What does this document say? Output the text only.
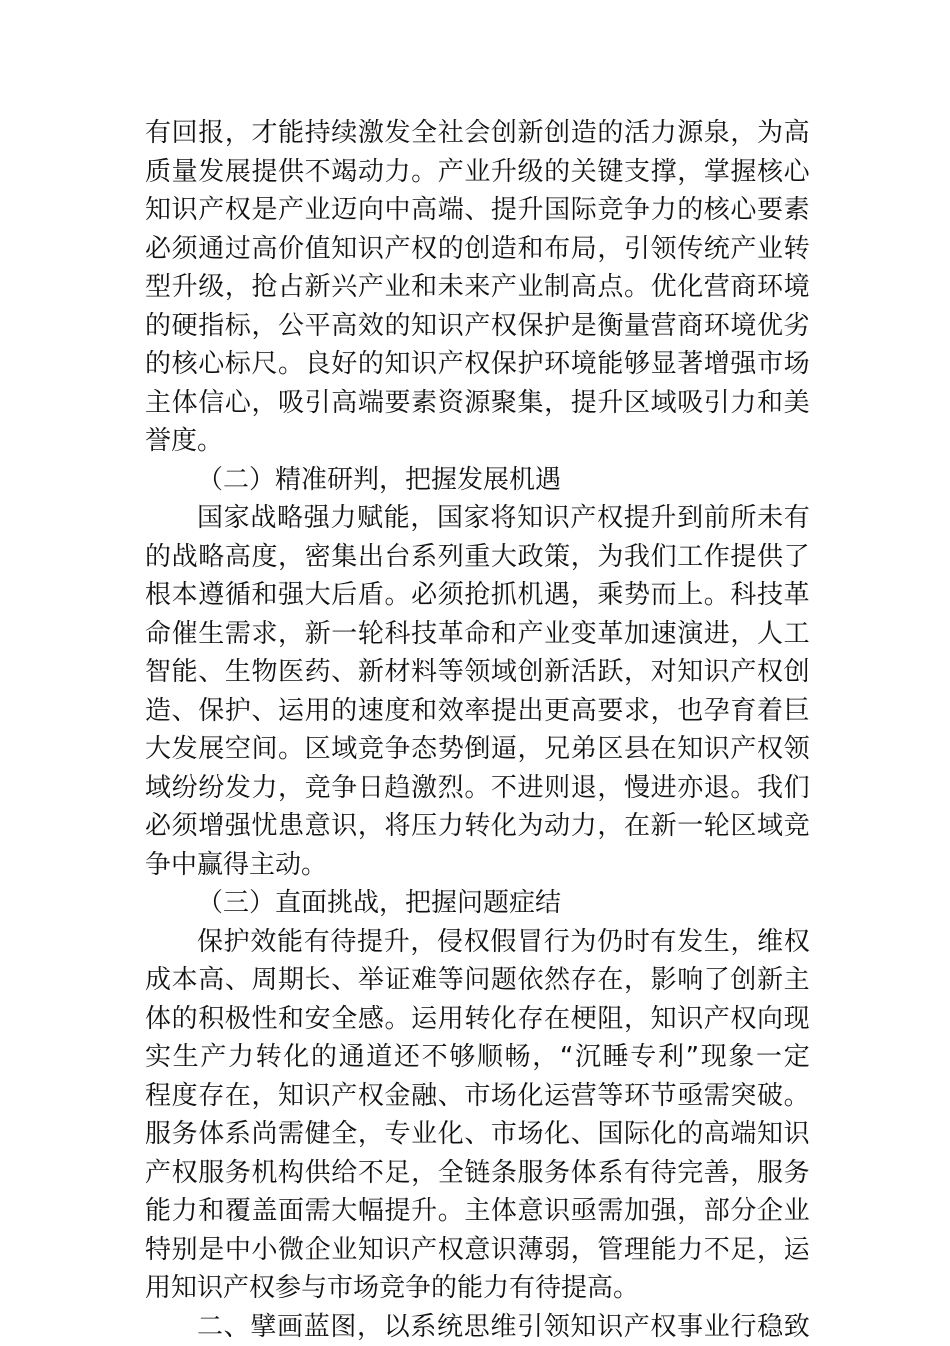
有 回 报 ， 才 能 持 续 激 发 全 社 会 创 新 创 造 的 活 力 源 泉 ， 为 高
质 量 发 展 提 供 不 竭 动 力 。 产 业 升 级 的 关 键 支 撑 ， 掌 握 核 心
知 识 产 权 是 产 业 迈 向 中 高 端 、 提 升 国 际 竞 争 力 的 核 心 要 素
必 须 通 过 高 价 值 知 识 产 权 的 创 造 和 布 局 ， 引 领 传 统 产 业 转
型 升 级 ， 抢 占 新 兴 产 业 和 未 来 产 业 制 高 点 。 优 化 营 商 环 境
的 硬 指 标 ， 公 平 高 效 的 知 识 产 权 保 护 是 衡 量 营 商 环 境 优 劣
的 核 心 标 尺 。 良 好 的 知 识 产 权 保 护 环 境 能 够 显 著 增 强 市 场
主 体 信 心 ， 吸 引 高 端 要 素 资 源 聚 集 ， 提 升 区 域 吸 引 力 和 美
誉度。
（二）精准研判，把握发展机遇
国 家 战 略 强 力 赋 能 ， 国 家 将 知 识 产 权 提 升 到 前 所 未 有
的 战 略 高 度 ， 密 集 出 台 系 列 重 大 政 策 ， 为 我 们 工 作 提 供 了
根 本 遵 循 和 强 大 后 盾 。 必 须 抢 抓 机 遇 ， 乘 势 而 上 。 科 技 革
命 催 生 需 求 ， 新 一 轮 科 技 革 命 和 产 业 变 革 加 速 演 进 ， 人 工
智 能 、 生 物 医 药 、 新 材 料 等 领 域 创 新 活 跃 ， 对 知 识 产 权 创
造 、 保 护 、 运 用 的 速 度 和 效 率 提 出 更 高 要 求 ， 也 孕 育 着 巨
大 发 展 空 间 。 区 域 竞 争 态 势 倒 逼 ， 兄 弟 区 县 在 知 识 产 权 领
域 纷 纷 发 力 ， 竞 争 日 趋 激 烈 。 不 进 则 退 ， 慢 进 亦 退 。 我 们
必 须 增 强 忧 患 意 识 ， 将 压 力 转 化 为 动 力 ， 在 新 一 轮 区 域 竞
争中赢得主动。
（三）直面挑战，把握问题症结
保 护 效 能 有 待 提 升 ， 侵 权 假 冒 行 为 仍 时 有 发 生 ， 维 权
成 本 高 、 周 期 长 、 举 证 难 等 问 题 依 然 存 在 ， 影 响 了 创 新 主
体 的 积 极 性 和 安 全 感 。 运 用 转 化 存 在 梗 阻 ， 知 识 产 权 向 现
实 生 产 力 转 化 的 通 道 还 不 够 顺 畅 ， “ 沉 睡 专 利 ” 现 象 一 定
程 度 存 在 ， 知 识 产 权 金 融 、 市 场 化 运 营 等 环 节 亟 需 突 破 。
服 务 体 系 尚 需 健 全 ， 专 业 化 、 市 场 化 、 国 际 化 的 高 端 知 识
产 权 服 务 机 构 供 给 不 足 ， 全 链 条 服 务 体 系 有 待 完 善 ， 服 务
能 力 和 覆 盖 面 需 大 幅 提 升 。 主 体 意 识 亟 需 加 强 ， 部 分 企 业
特 别 是 中 小 微 企 业 知 识 产 权 意 识 薄 弱 ， 管 理 能 力 不 足 ， 运
用知识产权参与市场竞争的能力有待提高。
二 、 擘 画 蓝 图 ， 以 系 统 思 维 引 领 知 识 产 权 事 业 行 稳 致
